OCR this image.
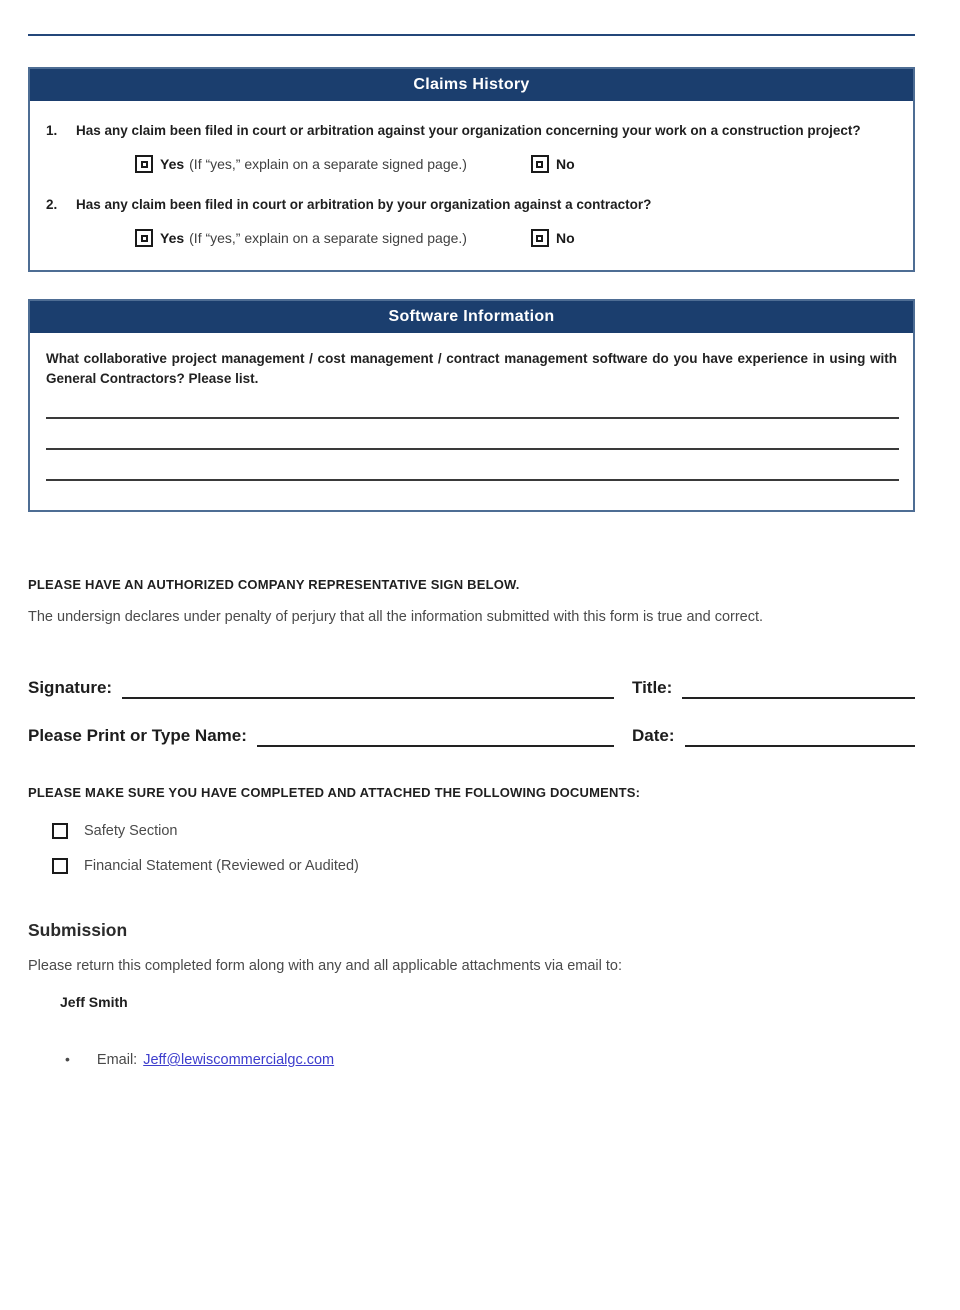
Claims History
1.	Has any claim been filed in court or arbitration against your organization concerning your work on a construction project?
Yes (If “yes,” explain on a separate signed page.)	No
2.	Has any claim been filed in court or arbitration by your organization against a contractor?
Yes (If “yes,” explain on a separate signed page.)	No
Software Information
What collaborative project management / cost management / contract management software do you have experience in using with General Contractors? Please list.
PLEASE HAVE AN AUTHORIZED COMPANY REPRESENTATIVE SIGN BELOW.
The undersign declares under penalty of perjury that all the information submitted with this form is true and correct.
Signature:	Title:
Please Print or Type Name:	Date:
PLEASE MAKE SURE YOU HAVE COMPLETED AND ATTACHED THE FOLLOWING DOCUMENTS:
Safety Section
Financial Statement (Reviewed or Audited)
Submission
Please return this completed form along with any and all applicable attachments via email to:
Jeff Smith
• Email: Jeff@lewiscommercialgc.com
